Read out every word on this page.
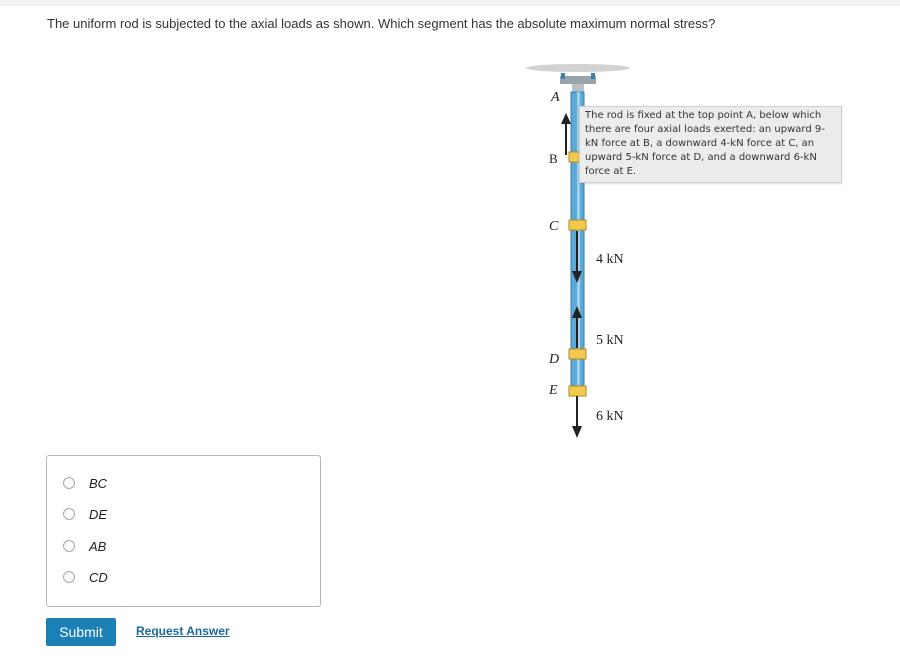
The uniform rod is subjected to the axial loads as shown. Which segment has the absolute maximum normal stress?
A
B
C
D
E
4 kN
5 kN
6 kN
The rod is fixed at the top point A, below which there are four axial loads exerted: an upward 9-kN force at B, a downward 4-kN force at C, an upward 5-kN force at D, and a downward 6-kN force at E.
BC
DE
AB
CD
Submit	Request Answer
